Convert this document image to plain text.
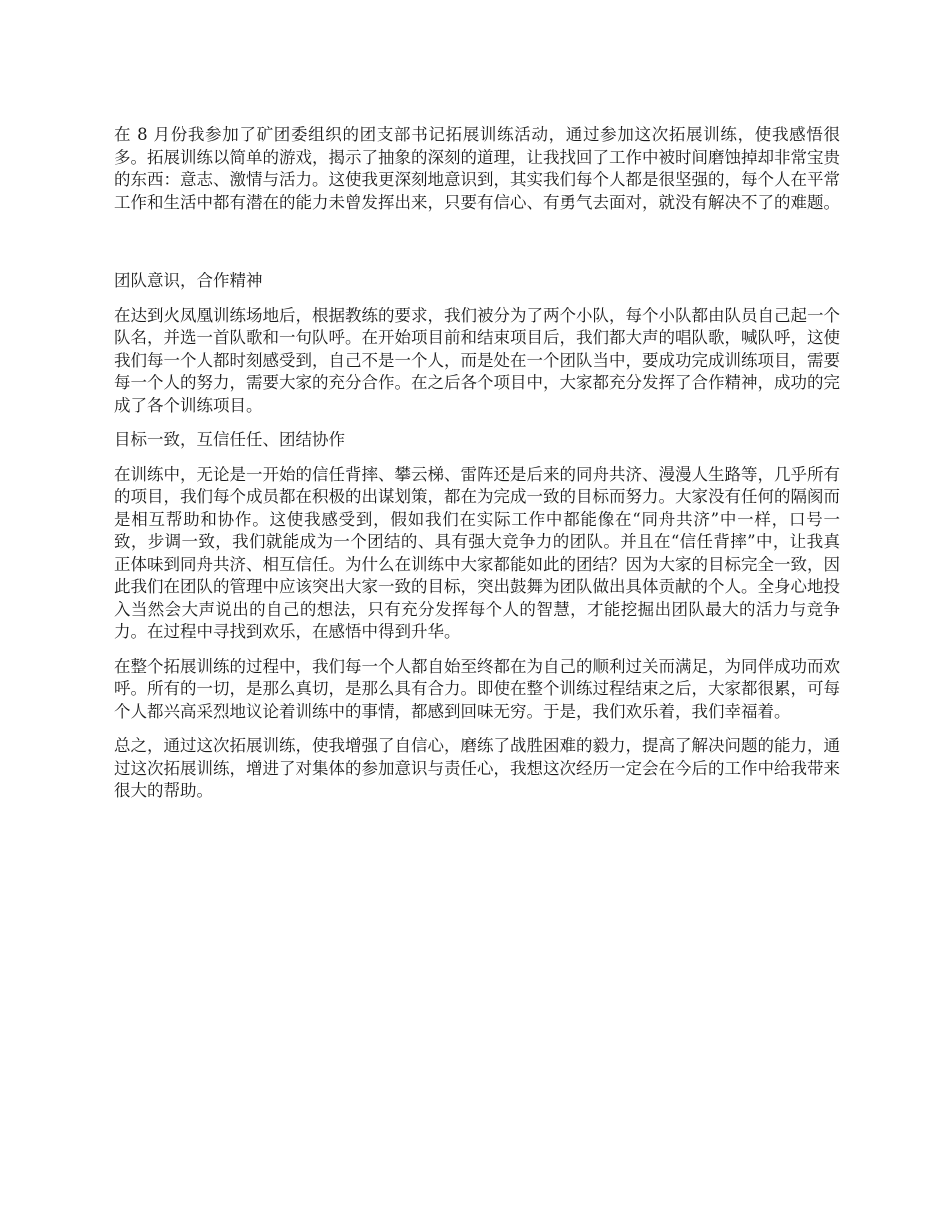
在 8 月份我参加了矿团委组织的团支部书记拓展训练活动，通过参加这次拓展训练，使我感悟很多。拓展训练以简单的游戏，揭示了抽象的深刻的道理，让我找回了工作中被时间磨蚀掉却非常宝贵的东西：意志、激情与活力。这使我更深刻地意识到，其实我们每个人都是很坚强的，每个人在平常工作和生活中都有潜在的能力未曾发挥出来，只要有信心、有勇气去面对，就没有解决不了的难题。

团队意识，合作精神

在达到火凤凰训练场地后，根据教练的要求，我们被分为了两个小队，每个小队都由队员自己起一个队名，并选一首队歌和一句队呼。在开始项目前和结束项目后，我们都大声的唱队歌，喊队呼，这使我们每一个人都时刻感受到，自己不是一个人，而是处在一个团队当中，要成功完成训练项目，需要每一个人的努力，需要大家的充分合作。在之后各个项目中，大家都充分发挥了合作精神，成功的完成了各个训练项目。

目标一致，互信任任、团结协作

在训练中，无论是一开始的信任背摔、攀云梯、雷阵还是后来的同舟共济、漫漫人生路等，几乎所有的项目，我们每个成员都在积极的出谋划策，都在为完成一致的目标而努力。大家没有任何的隔阂而是相互帮助和协作。这使我感受到，假如我们在实际工作中都能像在“同舟共济”中一样，口号一致，步调一致，我们就能成为一个团结的、具有强大竞争力的团队。并且在“信任背摔”中，让我真正体味到同舟共济、相互信任。为什么在训练中大家都能如此的团结？因为大家的目标完全一致，因此我们在团队的管理中应该突出大家一致的目标，突出鼓舞为团队做出具体贡献的个人。全身心地投入当然会大声说出的自己的想法，只有充分发挥每个人的智慧，才能挖掘出团队最大的活力与竞争力。在过程中寻找到欢乐，在感悟中得到升华。

在整个拓展训练的过程中，我们每一个人都自始至终都在为自己的顺利过关而满足，为同伴成功而欢呼。所有的一切，是那么真切，是那么具有合力。即使在整个训练过程结束之后，大家都很累，可每个人都兴高采烈地议论着训练中的事情，都感到回味无穷。于是，我们欢乐着，我们幸福着。

总之，通过这次拓展训练，使我增强了自信心，磨练了战胜困难的毅力，提高了解决问题的能力，通过这次拓展训练，增进了对集体的参加意识与责任心，我想这次经历一定会在今后的工作中给我带来很大的帮助。
